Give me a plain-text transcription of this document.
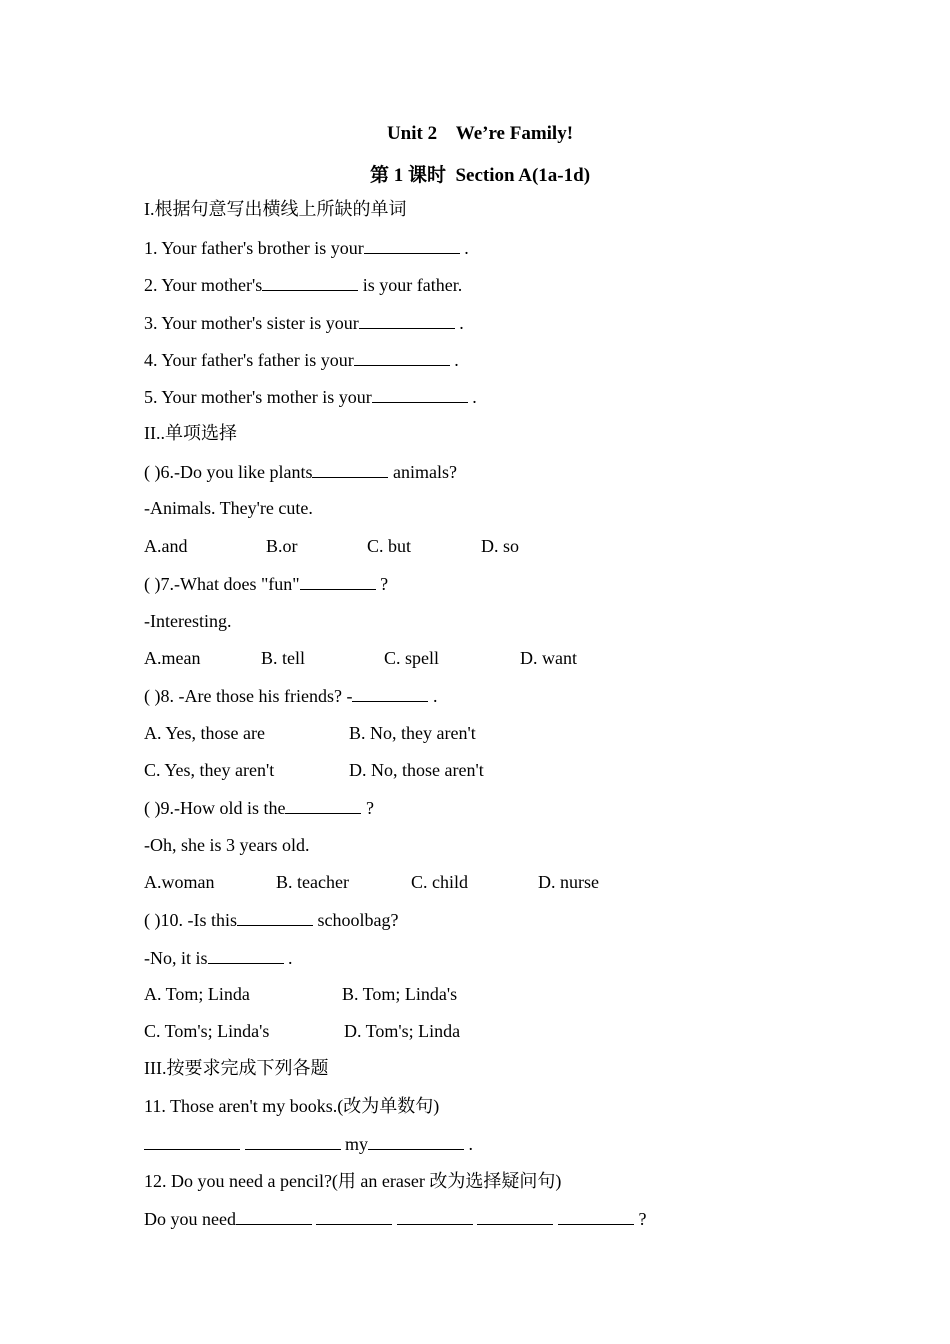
Unit 2    We’re Family!
第 1 课时  Section A(1a-1d)
I.根据句意写出横线上所缺的单词
1. Your father's brother is your	.
2. Your mother's	is your father.
3. Your mother's sister is your	.
4. Your father's father is your	.
5. Your mother's mother is your	.
II..单项选择
( )6.-Do you like plants	animals?
-Animals. They're cute.
A.and	B.or	C. but	D. so
( )7.-What does "fun"	?
-Interesting.
A.mean	B. tell	C. spell	D. want
( )8. -Are those his friends? -	.
A. Yes, those are	B. No, they aren't
C. Yes, they aren't	D. No, those aren't
( )9.-How old is the	?
-Oh, she is 3 years old.
A.woman	B. teacher	C. child	D. nurse
( )10. -Is this	schoolbag?
-No, it is	.
A. Tom; Linda	B. Tom; Linda's
C. Tom's; Linda's	D. Tom's; Linda
III.按要求完成下列各题
11. Those aren't my books.(改为单数句)
my	.
12. Do you need a pencil?(用 an eraser 改为选择疑问句)
Do you need	?
